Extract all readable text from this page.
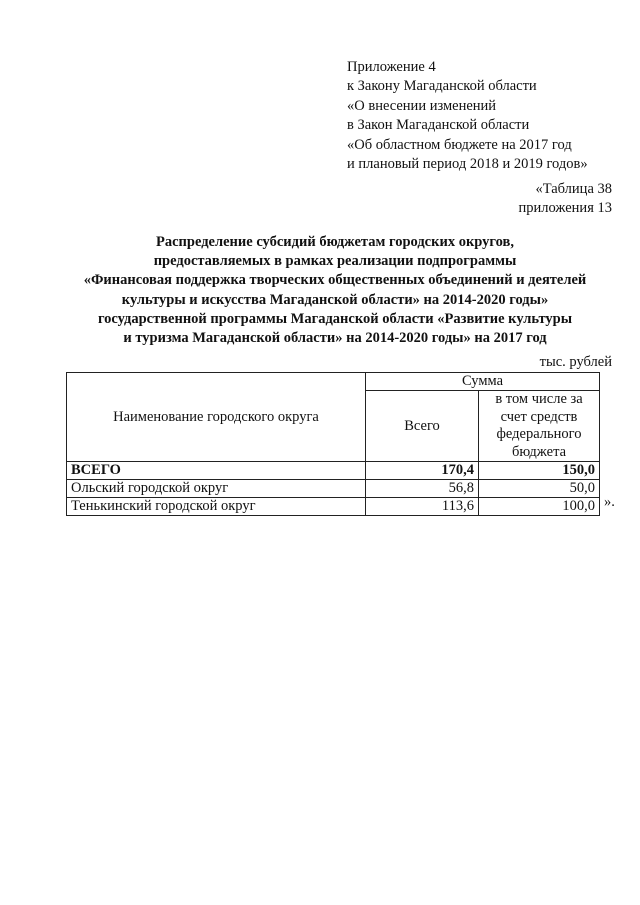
Приложение 4
к Закону Магаданской области
«О внесении изменений
в Закон Магаданской области
«Об областном бюджете на 2017 год
и плановый период 2018 и 2019 годов»
«Таблица 38
приложения 13
Распределение субсидий бюджетам городских округов,
предоставляемых в рамках реализации подпрограммы
«Финансовая поддержка творческих общественных объединений и деятелей
культуры и искусства Магаданской области» на 2014-2020 годы»
государственной программы Магаданской области «Развитие культуры
и туризма Магаданской области» на 2014-2020 годы» на 2017 год
тыс. рублей
Наименование городского округа	Сумма	
	Всего	в том числе за счет средств федерального бюджета
ВСЕГО	170,4	150,0
Ольский городской округ	56,8	50,0
Тенькинский городской округ	113,6	100,0 ».
